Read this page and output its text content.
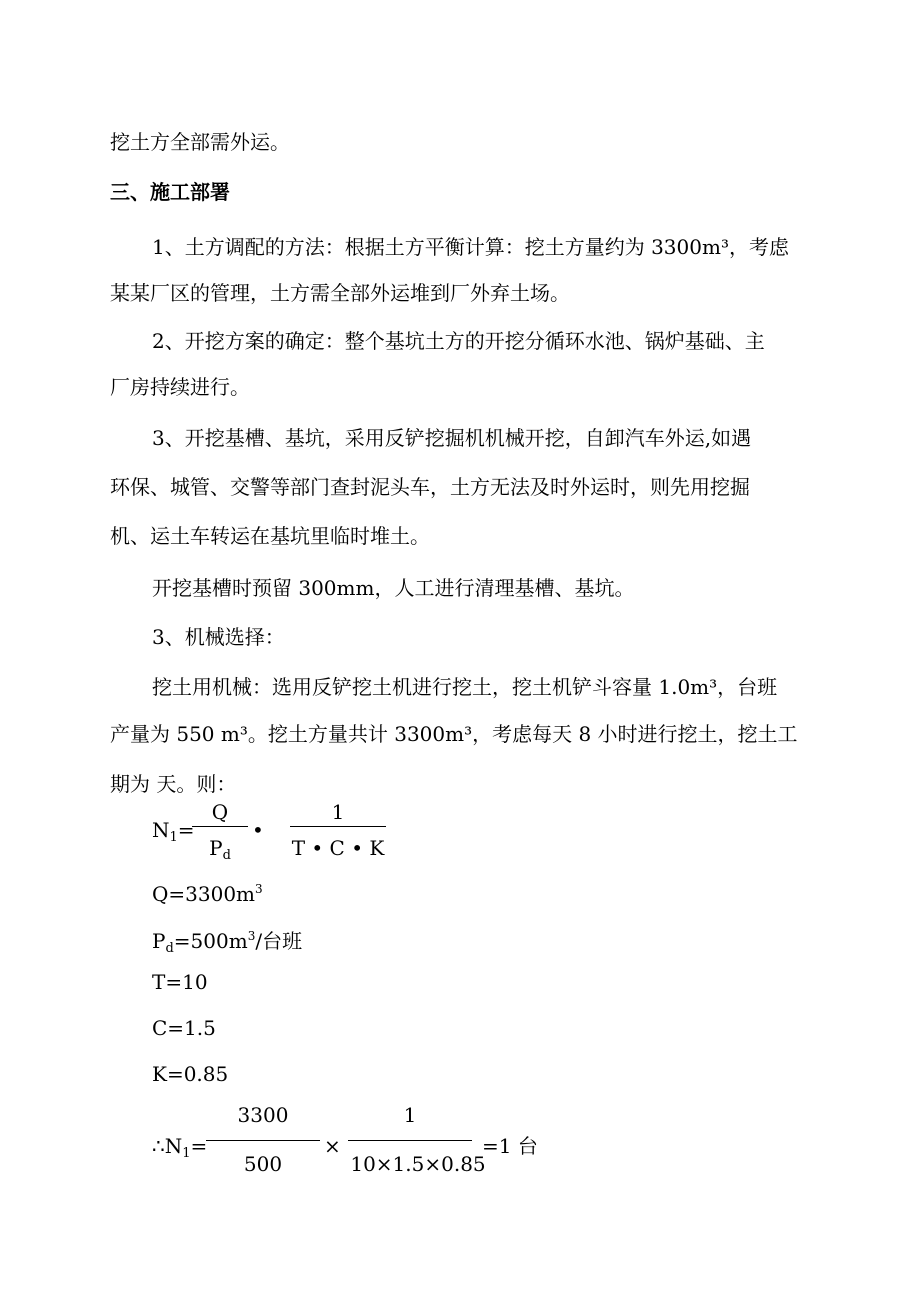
挖土方全部需外运。
三、施工部署
1、土方调配的方法：根据土方平衡计算：挖土方量约为 3300m³，考虑
某某厂区的管理，土方需全部外运堆到厂外弃土场。
2、开挖方案的确定：整个基坑土方的开挖分循环水池、锅炉基础、主
厂房持续进行。
3、开挖基槽、基坑，采用反铲挖掘机机械开挖，自卸汽车外运,如遇
环保、城管、交警等部门查封泥头车，土方无法及时外运时，则先用挖掘
机、运土车转运在基坑里临时堆土。
开挖基槽时预留 300mm，人工进行清理基槽、基坑。
3、机械选择：
挖土用机械：选用反铲挖土机进行挖土，挖土机铲斗容量 1.0m³，台班
产量为 550 m³。挖土方量共计 3300m³，考虑每天 8 小时进行挖土，挖土工
期为 天。则：
$N_1=$
Q
$P_d$
•
1
T • C • K
$Q=3300m^3$
$P_d=500m^3/$台班
T=10
C=1.5
K=0.85
$\therefore N_1=$
3300
500
×
1
10×1.5×0.85
=1 台
